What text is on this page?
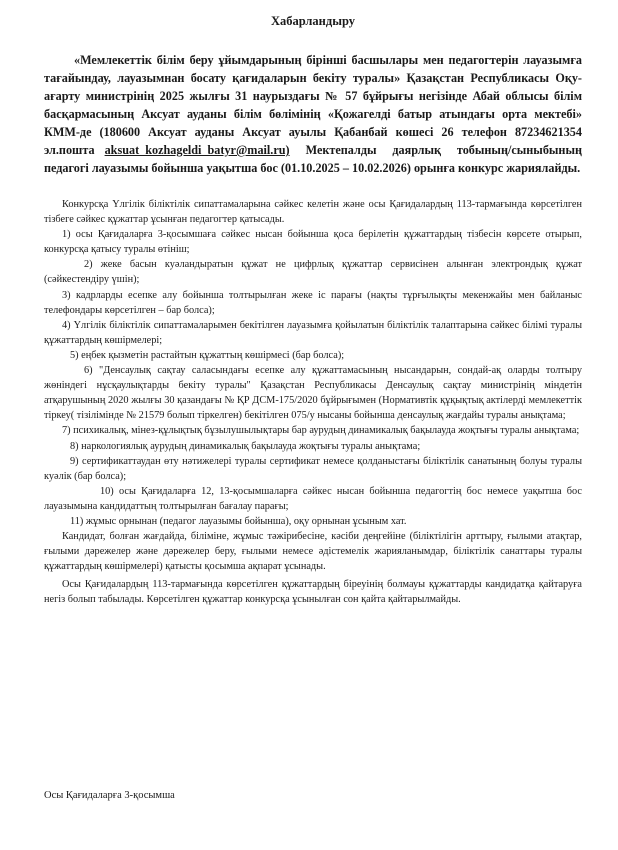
Хабарландыру

«Мемлекеттік білім беру ұйымдарының бірінші басшылары мен педагогтерін лауазымға тағайындау, лауазымнан босату қағидаларын бекіту туралы» Қазақстан Республикасы Оқу-ағарту министрінің 2025 жылғы 31 наурыздағы № 57 бұйрығы негізінде Абай облысы білім басқармасының Аксуат ауданы білім бөлімінің «Қожагелді батыр атындағы орта мектебі» КММ-де (180600 Аксуат ауданы Аксуат ауылы Қабанбай көшесі 26 телефон 87234621354 эл.пошта aksuat_kozhageldi_batyr@mail.ru) Мектепалды даярлық тобының/сыныбының педагогі лауазымы бойынша уақытша бос (01.10.2025 – 10.02.2026) орынға конкурс жариялайды.

Конкурсқа Үлгілік біліктілік сипаттамаларына сәйкес келетін және осы Қағидалардың 113-тармағында көрсетілген тізбеге сәйкес құжаттар ұсынған педагогтер қатысады.

1) осы Қағидаларға 3-қосымшаға сәйкес нысан бойынша қоса берілетін құжаттардың тізбесін көрсете отырып, конкурсқа қатысу туралы өтініш;

2) жеке басын куәландыратын құжат не цифрлық құжаттар сервисінен алынған электрондық құжат (сәйкестендіру үшін);

3) кадрларды есепке алу бойынша толтырылған жеке іс парағы (нақты тұрғылықты мекенжайы мен байланыс телефондары көрсетілген – бар болса);

4) Үлгілік біліктілік сипаттамаларымен бекітілген лауазымға қойылатын біліктілік талаптарына сәйкес білімі туралы құжаттардың көшірмелері;

5) еңбек қызметін растайтын құжаттың көшірмесі (бар болса);

6) "Денсаулық сақтау саласындағы есепке алу құжаттамасының нысандарын, сондай-ақ оларды толтыру жөніндегі нұсқаулықтарды бекіту туралы" Қазақстан Республикасы Денсаулық сақтау министрінің міндетін атқарушының 2020 жылғы 30 қазандағы № ҚР ДСМ-175/2020 бұйрығымен (Нормативтік құқықтық актілерді мемлекеттік тіркеу( тізілімінде № 21579 болып тіркелген) бекітілген 075/у нысаны бойынша денсаулық жағдайы туралы анықтама;

7) психикалық, мінез-құлықтық бұзылушылықтары бар аурудың динамикалық бақылауда жоқтығы туралы анықтама;

8) наркологиялық аурудың динамикалық бақылауда жоқтығы туралы анықтама;

9) сертификаттаудан өту нәтижелері туралы сертификат немесе қолданыстағы біліктілік санатының болуы туралы куәлік (бар болса);

10) осы Қағидаларға 12, 13-қосымшаларға сәйкес нысан бойынша педагогтің бос немесе уақытша бос лауазымына кандидаттың толтырылған бағалау парағы;

11) жұмыс орнынан (педагог лауазымы бойынша), оқу орнынан ұсыным хат.

Кандидат, болған жағдайда, біліміне, жұмыс тәжірибесіне, кәсіби деңгейіне (біліктілігін арттыру, ғылыми атақтар, ғылыми дәрежелер және дәрежелер беру, ғылыми немесе әдістемелік жарияланымдар, біліктілік санаттары туралы құжаттардың көшірмелері) қатысты қосымша ақпарат ұсынады.

Осы Қағидалардың 113-тармағында көрсетілген құжаттардың біреуінің болмауы құжаттарды кандидатқа қайтаруға негіз болып табылады. Көрсетілген құжаттар конкурсқа ұсынылған сон қайта қайтарылмайды.

Осы Қағидаларға 3-қосымша
